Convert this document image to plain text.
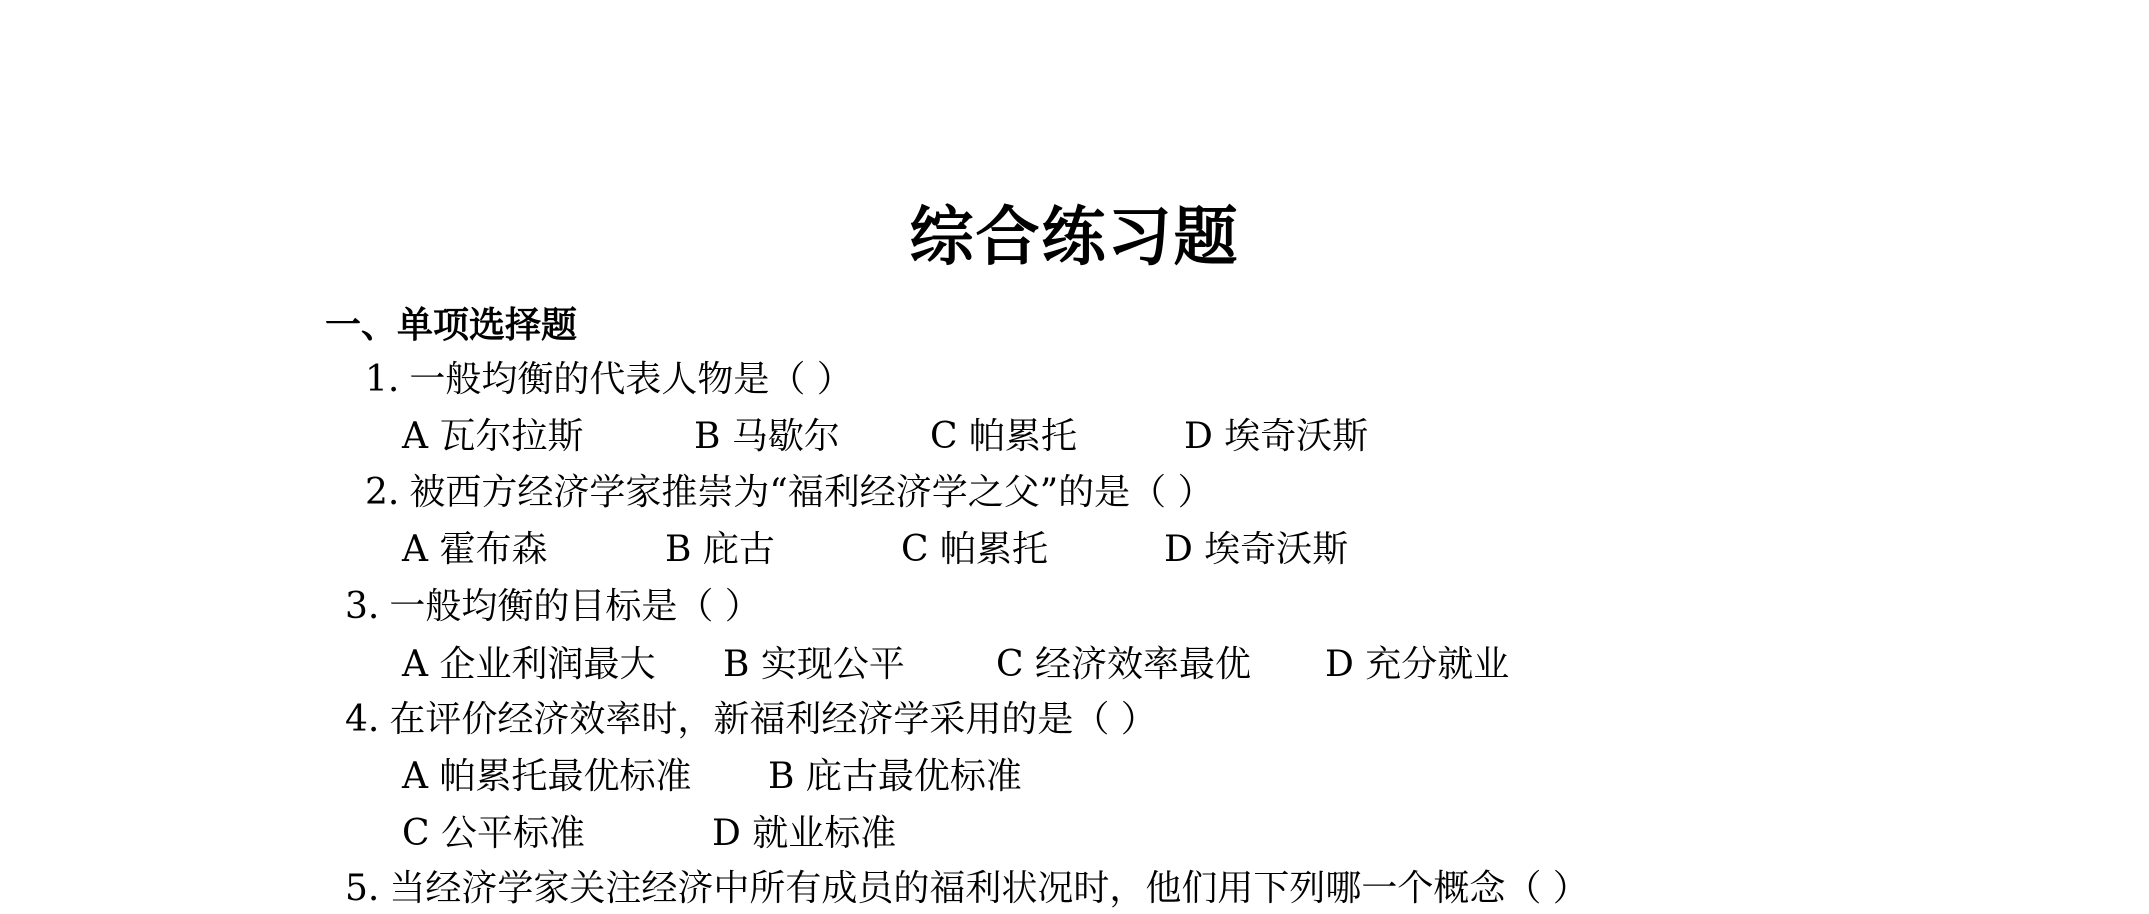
综合练习题
一、单项选择题
1. 一般均衡的代表人物是（ ）
A 瓦尔拉斯	B 马歇尔	C 帕累托	D 埃奇沃斯
2. 被西方经济学家推崇为“福利经济学之父”的是（ ）
A 霍布森	B 庇古	C 帕累托	D 埃奇沃斯
3. 一般均衡的目标是（ ）
A 企业利润最大 B 实现公平	C 经济效率最优 D 充分就业
4. 在评价经济效率时，新福利经济学采用的是（ ）
A 帕累托最优标准 B 庇古最优标准
C 公平标准	D 就业标准
5. 当经济学家关注经济中所有成员的福利状况时，他们用下列哪一个概念（ ）
